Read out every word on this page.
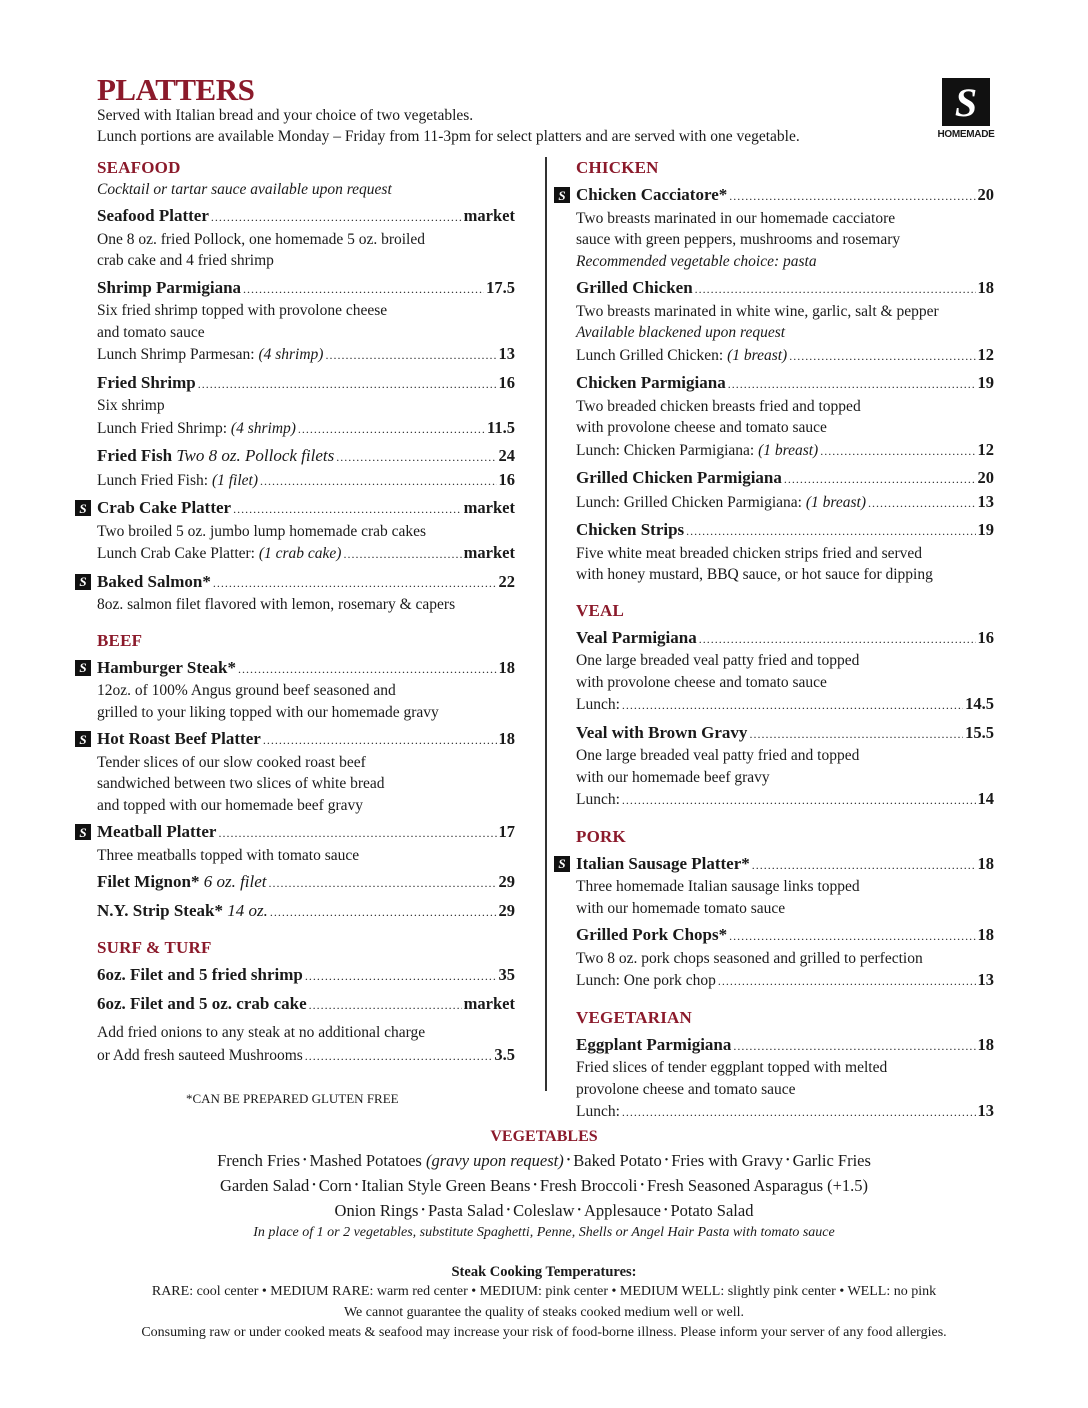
PLATTERS
Served with Italian bread and your choice of two vegetables.
Lunch portions are available Monday – Friday from 11-3pm for select platters and are served with one vegetable.
S
HOMEMADE
SEAFOOD
Cocktail or tartar sauce available upon request
Seafood Platter .....	market
One 8 oz. fried Pollock, one homemade 5 oz. broiled
crab cake and 4 fried shrimp
Shrimp Parmigiana .....	17.5
Six fried shrimp topped with provolone cheese
and tomato sauce
Lunch Shrimp Parmesan: (4 shrimp) .....	13
Fried Shrimp .....	16
Six shrimp
Lunch Fried Shrimp: (4 shrimp) .....	11.5
Fried Fish Two 8 oz. Pollock filets .....	24
Lunch Fried Fish: (1 filet) .....	16
S Crab Cake Platter .....	market
Two broiled 5 oz. jumbo lump homemade crab cakes
Lunch Crab Cake Platter: (1 crab cake) .....	market
S Baked Salmon* .....	22
8oz. salmon filet flavored with lemon, rosemary & capers
BEEF
S Hamburger Steak* .....	18
12oz. of 100% Angus ground beef seasoned and
grilled to your liking topped with our homemade gravy
S Hot Roast Beef Platter .....	18
Tender slices of our slow cooked roast beef
sandwiched between two slices of white bread
and topped with our homemade beef gravy
S Meatball Platter .....	17
Three meatballs topped with tomato sauce
Filet Mignon* 6 oz. filet .....	29
N.Y. Strip Steak* 14 oz. .....	29
SURF & TURF
6oz. Filet and 5 fried shrimp .....	35
6oz. Filet and 5 oz. crab cake .....	market
Add fried onions to any steak at no additional charge
or Add fresh sauteed Mushrooms .....	3.5
*CAN BE PREPARED GLUTEN FREE
CHICKEN
S Chicken Cacciatore* .....	20
Two breasts marinated in our homemade cacciatore
sauce with green peppers, mushrooms and rosemary
Recommended vegetable choice: pasta
Grilled Chicken .....	18
Two breasts marinated in white wine, garlic, salt & pepper
Available blackened upon request
Lunch Grilled Chicken: (1 breast) .....	12
Chicken Parmigiana .....	19
Two breaded chicken breasts fried and topped
with provolone cheese and tomato sauce
Lunch: Chicken Parmigiana: (1 breast) .....	12
Grilled Chicken Parmigiana .....	20
Lunch: Grilled Chicken Parmigiana: (1 breast) .....	13
Chicken Strips .....	19
Five white meat breaded chicken strips fried and served
with honey mustard, BBQ sauce, or hot sauce for dipping
VEAL
Veal Parmigiana .....	16
One large breaded veal patty fried and topped
with provolone cheese and tomato sauce
Lunch: .....	14.5
Veal with Brown Gravy .....	15.5
One large breaded veal patty fried and topped
with our homemade beef gravy
Lunch: .....	14
PORK
S Italian Sausage Platter* .....	18
Three homemade Italian sausage links topped
with our homemade tomato sauce
Grilled Pork Chops* .....	18
Two 8 oz. pork chops seasoned and grilled to perfection
Lunch: One pork chop .....	13
VEGETARIAN
Eggplant Parmigiana .....	18
Fried slices of tender eggplant topped with melted
provolone cheese and tomato sauce
Lunch: .....	13
VEGETABLES
French Fries • Mashed Potatoes (gravy upon request) • Baked Potato • Fries with Gravy • Garlic Fries
Garden Salad • Corn • Italian Style Green Beans • Fresh Broccoli • Fresh Seasoned Asparagus (+1.5)
Onion Rings • Pasta Salad • Coleslaw • Applesauce • Potato Salad
In place of 1 or 2 vegetables, substitute Spaghetti, Penne, Shells or Angel Hair Pasta with tomato sauce
Steak Cooking Temperatures:
RARE: cool center • MEDIUM RARE: warm red center • MEDIUM: pink center • MEDIUM WELL: slightly pink center • WELL: no pink
We cannot guarantee the quality of steaks cooked medium well or well.
Consuming raw or under cooked meats & seafood may increase your risk of food-borne illness. Please inform your server of any food allergies.
